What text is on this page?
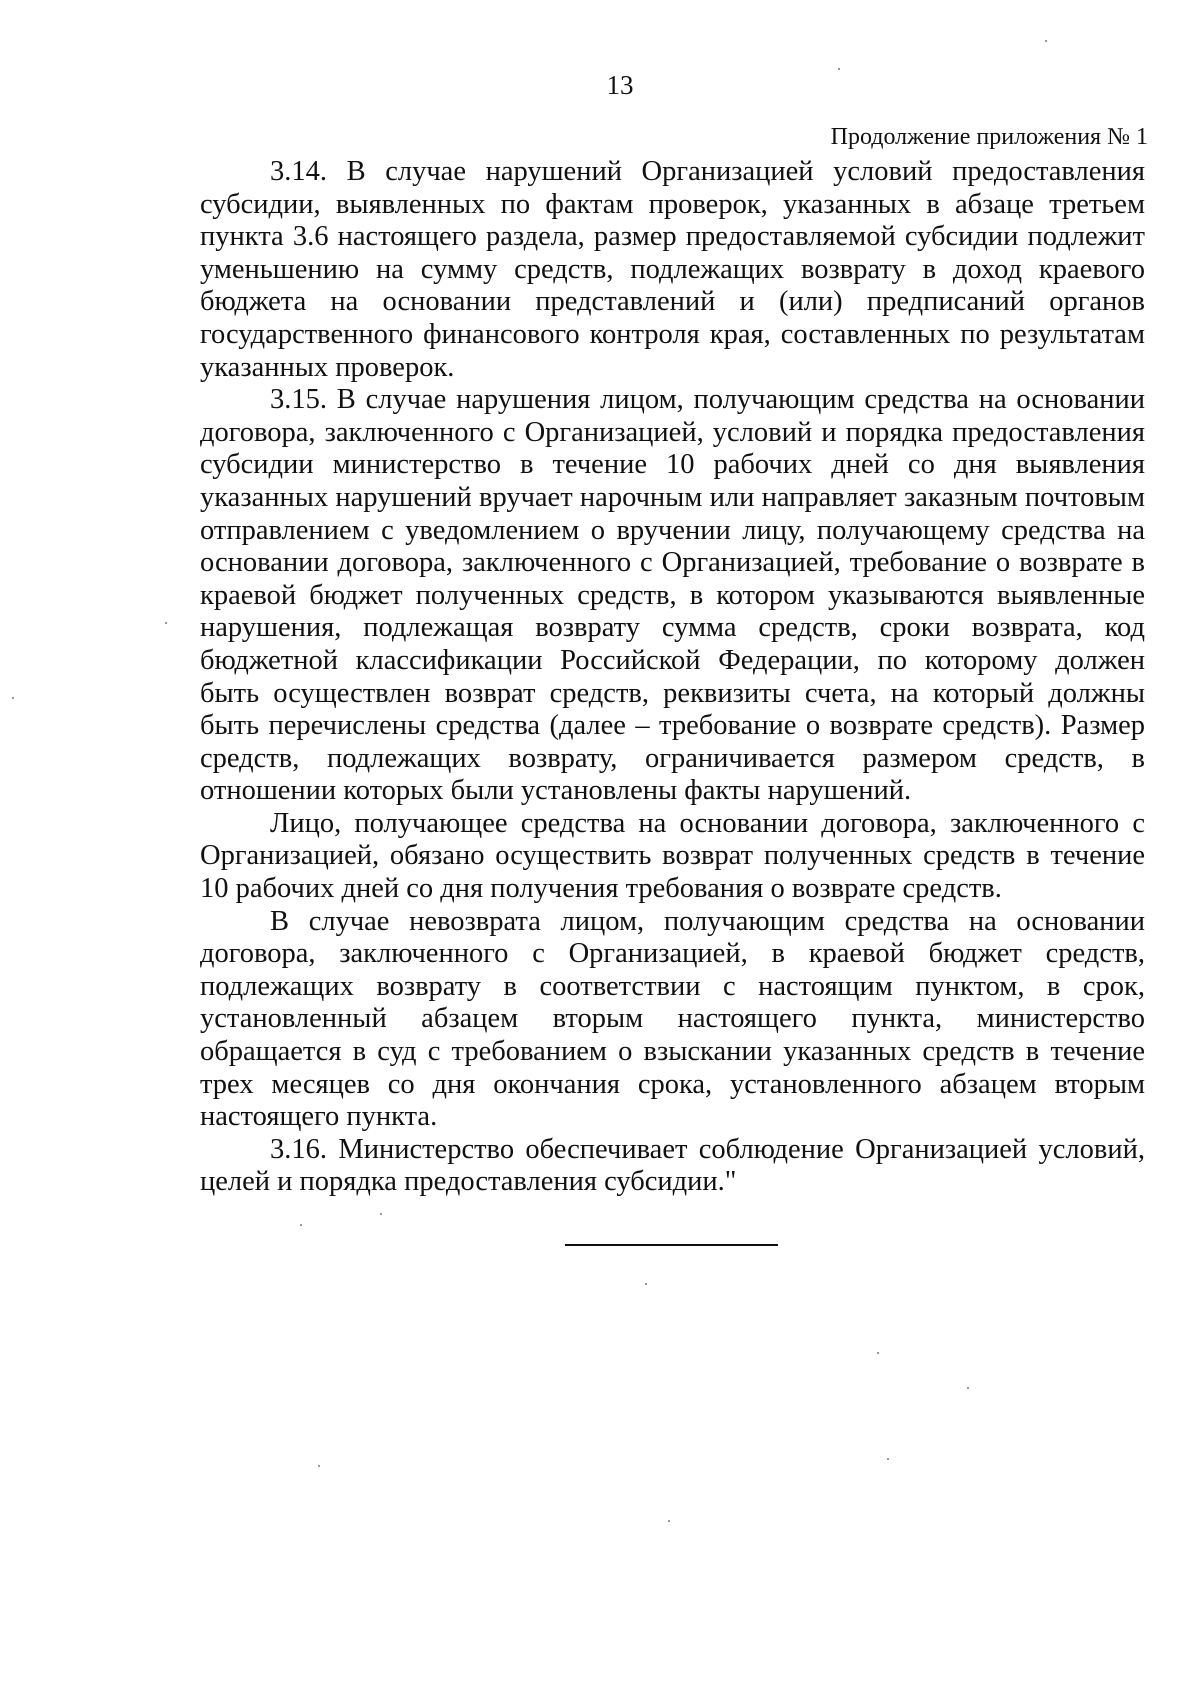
13
Продолжение приложения № 1

3.14. В случае нарушений Организацией условий предоставления субсидии, выявленных по фактам проверок, указанных в абзаце третьем пункта 3.6 настоящего раздела, размер предоставляемой субсидии подлежит уменьшению на сумму средств, подлежащих возврату в доход краевого бюджета на основании представлений и (или) предписаний органов государственного финансового контроля края, составленных по результатам указанных проверок.

3.15. В случае нарушения лицом, получающим средства на основании договора, заключенного с Организацией, условий и порядка предоставления субсидии министерство в течение 10 рабочих дней со дня выявления указанных нарушений вручает нарочным или направляет заказным почтовым отправлением с уведомлением о вручении лицу, получающему средства на основании договора, заключенного с Организацией, требование о возврате в краевой бюджет полученных средств, в котором указываются выявленные нарушения, подлежащая возврату сумма средств, сроки возврата, код бюджетной классификации Российской Федерации, по которому должен быть осуществлен возврат средств, реквизиты счета, на который должны быть перечислены средства (далее – требование о возврате средств). Размер средств, подлежащих возврату, ограничивается размером средств, в отношении которых были установлены факты нарушений.

Лицо, получающее средства на основании договора, заключенного с Организацией, обязано осуществить возврат полученных средств в течение 10 рабочих дней со дня получения требования о возврате средств.

В случае невозврата лицом, получающим средства на основании договора, заключенного с Организацией, в краевой бюджет средств, подлежащих возврату в соответствии с настоящим пунктом, в срок, установленный абзацем вторым настоящего пункта, министерство обращается в суд с требованием о взыскании указанных средств в течение трех месяцев со дня окончания срока, установленного абзацем вторым настоящего пункта.

3.16. Министерство обеспечивает соблюдение Организацией условий, целей и порядка предоставления субсидии."
